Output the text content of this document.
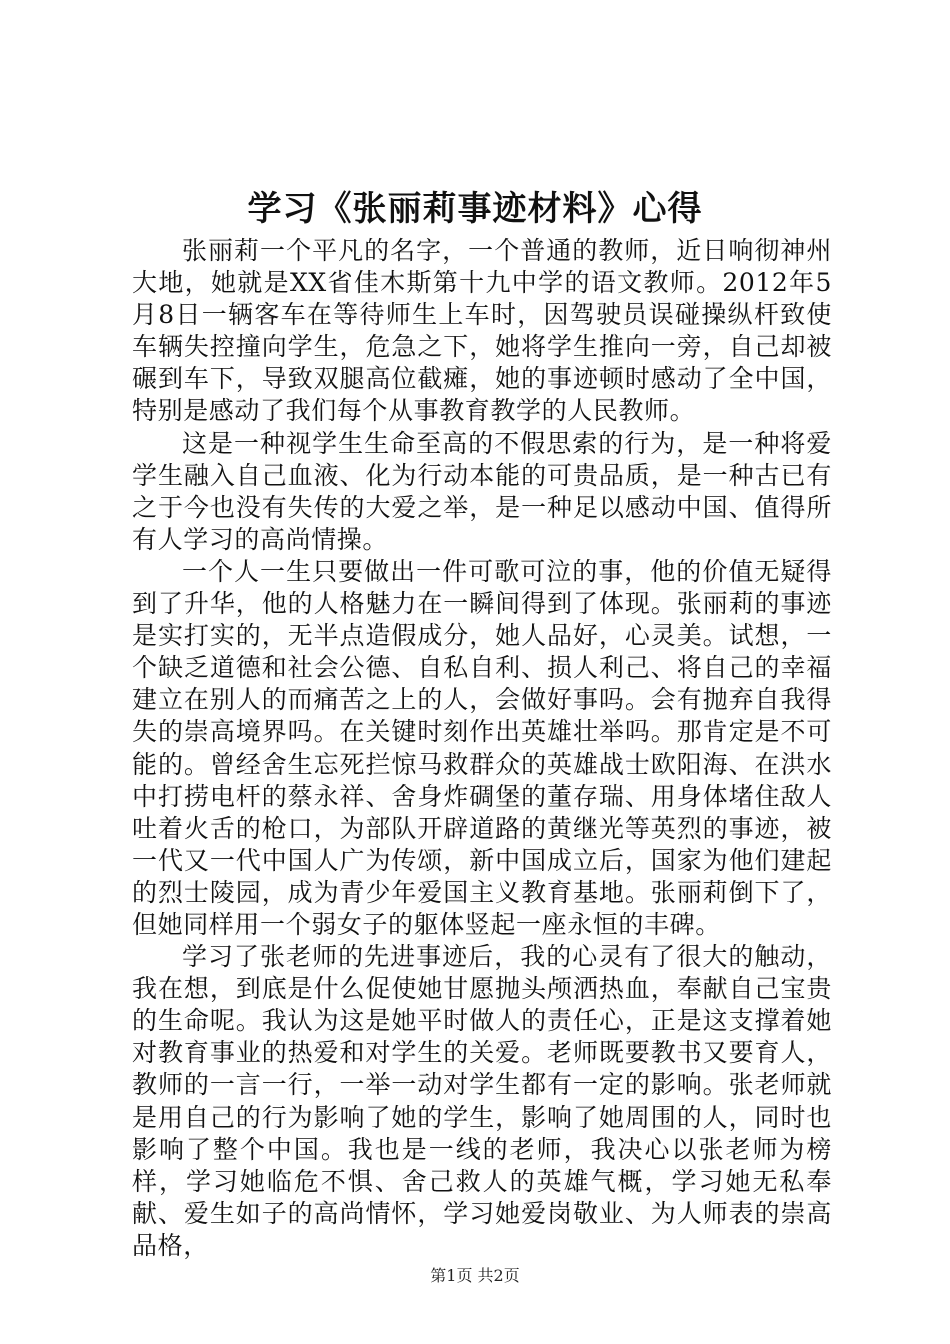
学习《张丽莉事迹材料》心得

张丽莉一个平凡的名字，一个普通的教师，近日响彻神州大地，她就是XX省佳木斯第十九中学的语文教师。2012年5月8日一辆客车在等待师生上车时，因驾驶员误碰操纵杆致使车辆失控撞向学生，危急之下，她将学生推向一旁，自己却被碾到车下，导致双腿高位截瘫，她的事迹顿时感动了全中国，特别是感动了我们每个从事教育教学的人民教师。

这是一种视学生生命至高的不假思索的行为，是一种将爱学生融入自己血液、化为行动本能的可贵品质，是一种古已有之于今也没有失传的大爱之举，是一种足以感动中国、值得所有人学习的高尚情操。

一个人一生只要做出一件可歌可泣的事，他的价值无疑得到了升华，他的人格魅力在一瞬间得到了体现。张丽莉的事迹是实打实的，无半点造假成分，她人品好，心灵美。试想，一个缺乏道德和社会公德、自私自利、损人利己、将自己的幸福建立在别人的而痛苦之上的人，会做好事吗。会有抛弃自我得失的崇高境界吗。在关键时刻作出英雄壮举吗。那肯定是不可能的。曾经舍生忘死拦惊马救群众的英雄战士欧阳海、在洪水中打捞电杆的蔡永祥、舍身炸碉堡的董存瑞、用身体堵住敌人吐着火舌的枪口，为部队开辟道路的黄继光等英烈的事迹，被一代又一代中国人广为传颂，新中国成立后，国家为他们建起的烈士陵园，成为青少年爱国主义教育基地。张丽莉倒下了，但她同样用一个弱女子的躯体竖起一座永恒的丰碑。

学习了张老师的先进事迹后，我的心灵有了很大的触动，我在想，到底是什么促使她甘愿抛头颅洒热血，奉献自己宝贵的生命呢。我认为这是她平时做人的责任心，正是这支撑着她对教育事业的热爱和对学生的关爱。老师既要教书又要育人，教师的一言一行，一举一动对学生都有一定的影响。张老师就是用自己的行为影响了她的学生，影响了她周围的人，同时也影响了整个中国。我也是一线的老师，我决心以张老师为榜样，学习她临危不惧、舍己救人的英雄气概，学习她无私奉献、爱生如子的高尚情怀，学习她爱岗敬业、为人师表的崇高品格，

第1页 共2页
